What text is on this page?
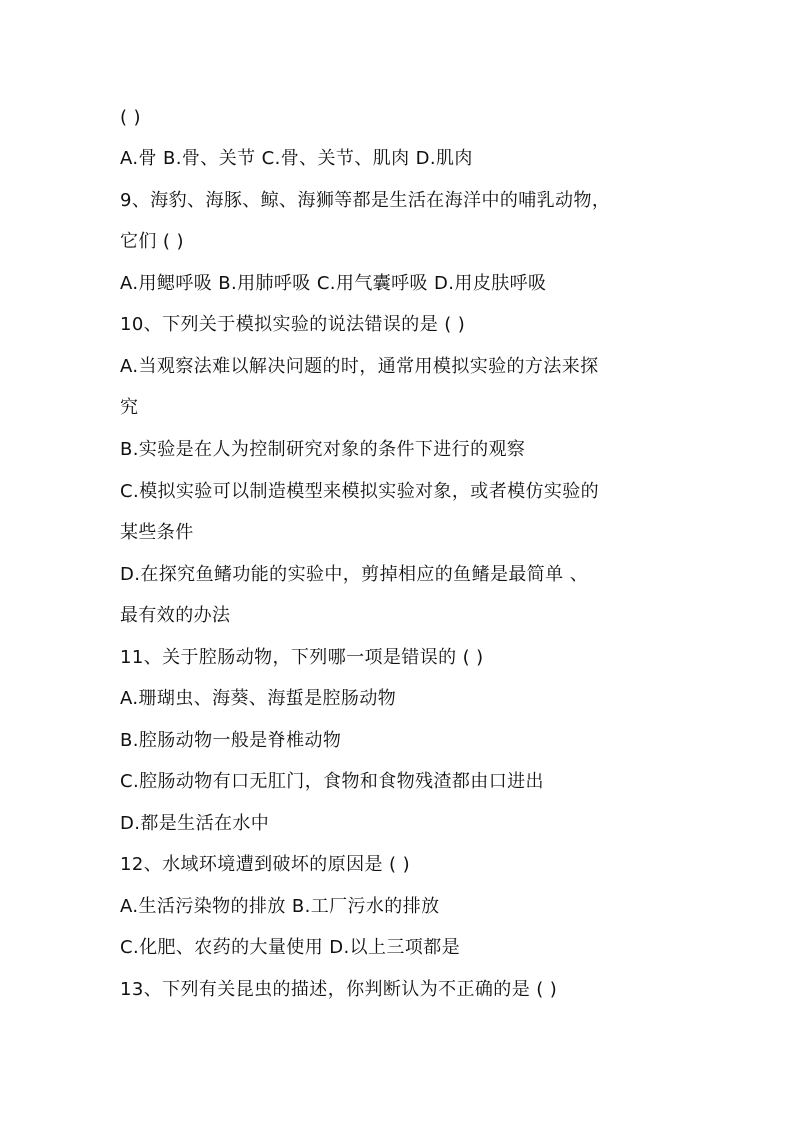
( )
A.骨 B.骨、关节 C.骨、关节、肌肉 D.肌肉
9、海豹、海豚、鲸、海狮等都是生活在海洋中的哺乳动物，
它们 ( )
A.用鳃呼吸 B.用肺呼吸 C.用气囊呼吸 D.用皮肤呼吸
10、下列关于模拟实验的说法错误的是 ( )
A.当观察法难以解决问题的时，通常用模拟实验的方法来探
究
B.实验是在人为控制研究对象的条件下进行的观察
C.模拟实验可以制造模型来模拟实验对象，或者模仿实验的
某些条件
D.在探究鱼鳍功能的实验中，剪掉相应的鱼鳍是最简单 、
最有效的办法
11、关于腔肠动物，下列哪一项是错误的 ( )
A.珊瑚虫、海葵、海蜇是腔肠动物
B.腔肠动物一般是脊椎动物
C.腔肠动物有口无肛门，食物和食物残渣都由口进出
D.都是生活在水中
12、水域环境遭到破坏的原因是 ( )
A.生活污染物的排放 B.工厂污水的排放
C.化肥、农药的大量使用 D.以上三项都是
13、下列有关昆虫的描述，你判断认为不正确的是 ( )
